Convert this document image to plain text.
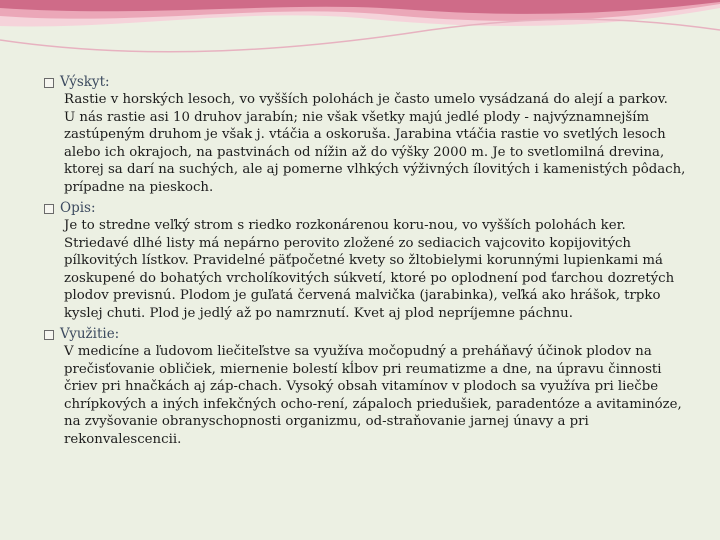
Výskyt:

Rastie v horských lesoch, vo vyšších polohách je často umelo vysádzaná do alejí a parkov.
U nás rastie asi 10 druhov jarabín; nie však všetky majú jedlé plody - najvýznamnejším zastúpeným druhom je však j. vtáčia a oskoruša. Jarabina vtáčia rastie vo svetlých lesoch alebo ich okrajoch, na pastvinách od nížin až do výšky 2000 m. Je to svetlomilná drevina, ktorej sa darí na suchých, ale aj pomerne vlhkých výživných ílovitých i kamenistých pôdach, prípadne na pieskoch.

Opis:

Je to stredne veľký strom s riedko rozkonárenou koru-nou, vo vyšších polohách ker.
Striedavé dlhé listy má nepárno perovito zložené zo sediacich vajcovito kopijovitých pílkovitých lístkov. Pravidelné päťpočetné kvety so žltobielymi korunnými lupienkami má zoskupené do bohatých vrcholíkovitých súkvetí, ktoré po oplodnení pod ťarchou dozretých plodov previsnú. Plodom je guľatá červená malvička (jarabinka), veľká ako hrášok, trpko kyslej chuti. Plod je jedlý až po namrznutí. Kvet aj plod nepríjemne páchnu.

Využitie:

V medicíne a ľudovom liečiteľstve sa využíva močopudný a preháňavý účinok plodov na
prečisťovanie obličiek, miernenie bolestí kĺbov pri reumatizme a dne, na úpravu činnosti čriev pri hnačkách aj záp-chach. Vysoký obsah vitamínov v plodoch sa využíva pri liečbe chrípkových a iných infekčných ocho-rení, zápaloch priedušiek, paradentóze a avitaminóze, na zvyšovanie obranyschopnosti organizmu, od-straňovanie jarnej únavy a pri rekonvalescencii.
